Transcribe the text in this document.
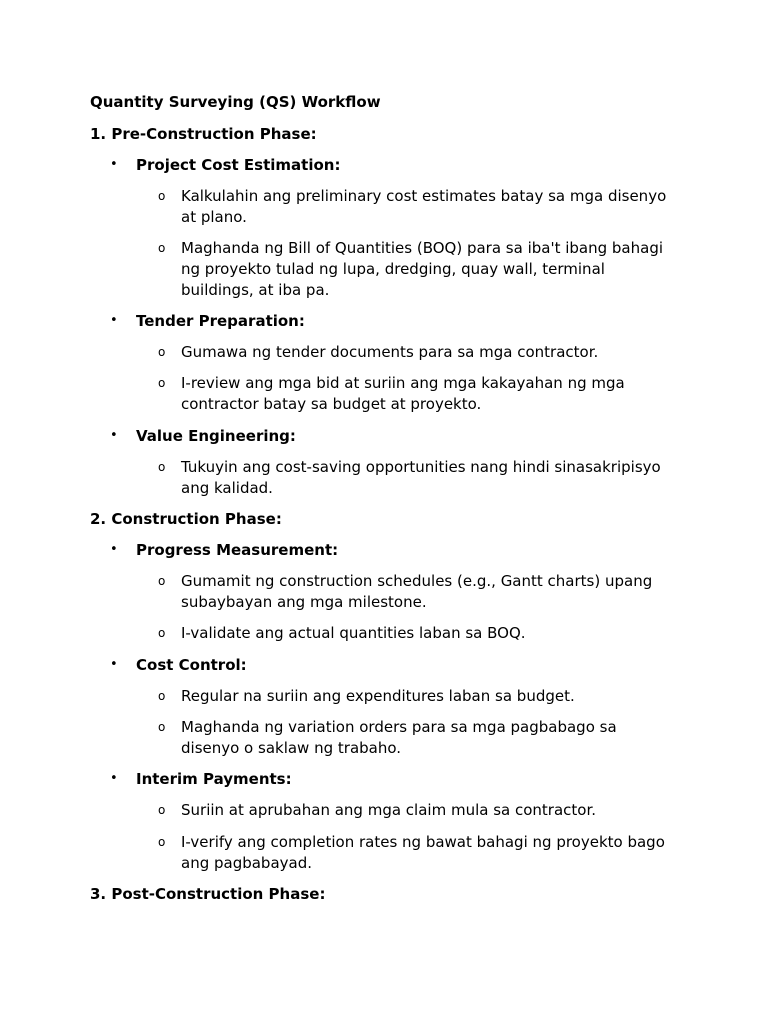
Quantity Surveying (QS) Workflow
1. Pre-Construction Phase:
• Project Cost Estimation:
o Kalkulahin ang preliminary cost estimates batay sa mga disenyo at plano.
o Maghanda ng Bill of Quantities (BOQ) para sa iba't ibang bahagi ng proyekto tulad ng lupa, dredging, quay wall, terminal buildings, at iba pa.
• Tender Preparation:
o Gumawa ng tender documents para sa mga contractor.
o I-review ang mga bid at suriin ang mga kakayahan ng mga contractor batay sa budget at proyekto.
• Value Engineering:
o Tukuyin ang cost-saving opportunities nang hindi sinasakripisyo ang kalidad.
2. Construction Phase:
• Progress Measurement:
o Gumamit ng construction schedules (e.g., Gantt charts) upang subaybayan ang mga milestone.
o I-validate ang actual quantities laban sa BOQ.
• Cost Control:
o Regular na suriin ang expenditures laban sa budget.
o Maghanda ng variation orders para sa mga pagbabago sa disenyo o saklaw ng trabaho.
• Interim Payments:
o Suriin at aprubahan ang mga claim mula sa contractor.
o I-verify ang completion rates ng bawat bahagi ng proyekto bago ang pagbabayad.
3. Post-Construction Phase:
